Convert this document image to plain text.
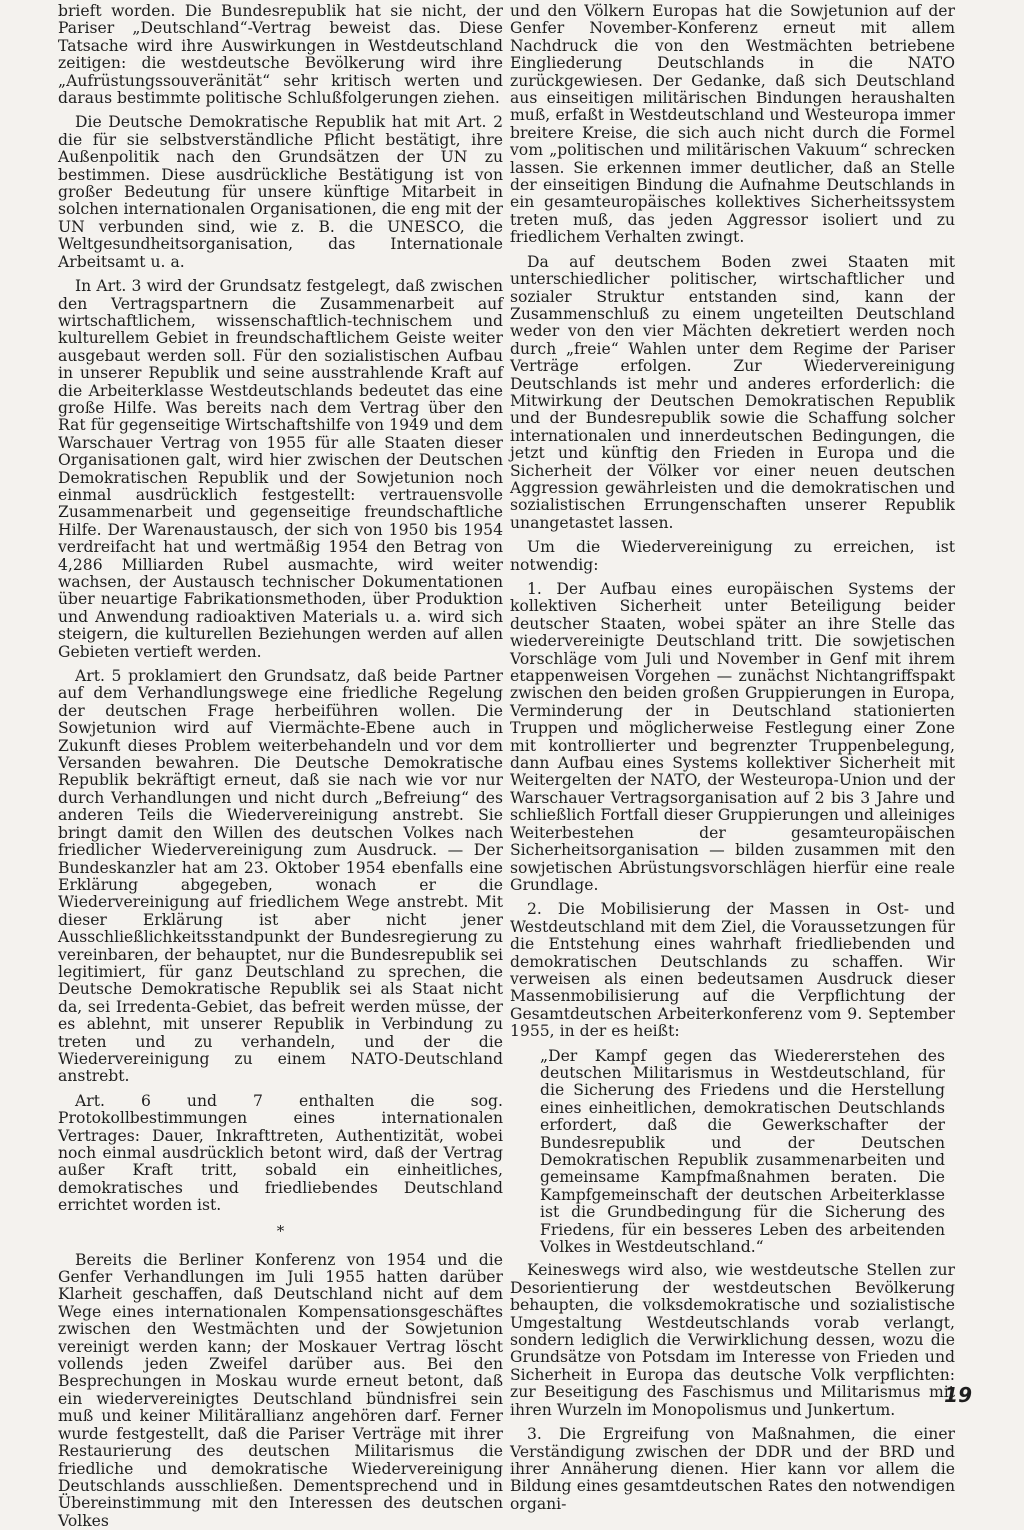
brieft worden. Die Bundesrepublik hat sie nicht, der Pariser „Deutschland“-Vertrag beweist das. Diese Tatsache wird ihre Auswirkungen in Westdeutschland zeitigen: die westdeutsche Bevölkerung wird ihre „Aufrüstungssouveränität“ sehr kritisch werten und daraus bestimmte politische Schlußfolgerungen ziehen.

Die Deutsche Demokratische Republik hat mit Art. 2 die für sie selbstverständliche Pflicht bestätigt, ihre Außenpolitik nach den Grundsätzen der UN zu bestimmen. Diese ausdrückliche Bestätigung ist von großer Bedeutung für unsere künftige Mitarbeit in solchen internationalen Organisationen, die eng mit der UN verbunden sind, wie z. B. die UNESCO, die Weltgesundheitsorganisation, das Internationale Arbeitsamt u. a.

In Art. 3 wird der Grundsatz festgelegt, daß zwischen den Vertragspartnern die Zusammenarbeit auf wirtschaftlichem, wissenschaftlich-technischem und kulturellem Gebiet in freundschaftlichem Geiste weiter ausgebaut werden soll. Für den sozialistischen Aufbau in unserer Republik und seine ausstrahlende Kraft auf die Arbeiterklasse Westdeutschlands bedeutet das eine große Hilfe. Was bereits nach dem Vertrag über den Rat für gegenseitige Wirtschaftshilfe von 1949 und dem Warschauer Vertrag von 1955 für alle Staaten dieser Organisationen galt, wird hier zwischen der Deutschen Demokratischen Republik und der Sowjetunion noch einmal ausdrücklich festgestellt: vertrauensvolle Zusammenarbeit und gegenseitige freundschaftliche Hilfe. Der Warenaustausch, der sich von 1950 bis 1954 verdreifacht hat und wertmäßig 1954 den Betrag von 4,286 Milliarden Rubel ausmachte, wird weiter wachsen, der Austausch technischer Dokumentationen über neuartige Fabrikationsmethoden, über Produktion und Anwendung radioaktiven Materials u. a. wird sich steigern, die kulturellen Beziehungen werden auf allen Gebieten vertieft werden.

Art. 5 proklamiert den Grundsatz, daß beide Partner auf dem Verhandlungswege eine friedliche Regelung der deutschen Frage herbeiführen wollen. Die Sowjetunion wird auf Viermächte-Ebene auch in Zukunft dieses Problem weiterbehandeln und vor dem Versanden bewahren. Die Deutsche Demokratische Republik bekräftigt erneut, daß sie nach wie vor nur durch Verhandlungen und nicht durch „Befreiung“ des anderen Teils die Wiedervereinigung anstrebt. Sie bringt damit den Willen des deutschen Volkes nach friedlicher Wiedervereinigung zum Ausdruck. — Der Bundeskanzler hat am 23. Oktober 1954 ebenfalls eine Erklärung abgegeben, wonach er die Wiedervereinigung auf friedlichem Wege anstrebt. Mit dieser Erklärung ist aber nicht jener Ausschließlichkeitsstandpunkt der Bundesregierung zu vereinbaren, der behauptet, nur die Bundesrepublik sei legitimiert, für ganz Deutschland zu sprechen, die Deutsche Demokratische Republik sei als Staat nicht da, sei Irredenta-Gebiet, das befreit werden müsse, der es ablehnt, mit unserer Republik in Verbindung zu treten und zu verhandeln, und der die Wiedervereinigung zu einem NATO-Deutschland anstrebt.

Art. 6 und 7 enthalten die sog. Protokollbestimmungen eines internationalen Vertrages: Dauer, Inkrafttreten, Authentizität, wobei noch einmal ausdrücklich betont wird, daß der Vertrag außer Kraft tritt, sobald ein einheitliches, demokratisches und friedliebendes Deutschland errichtet worden ist.

*

Bereits die Berliner Konferenz von 1954 und die Genfer Verhandlungen im Juli 1955 hatten darüber Klarheit geschaffen, daß Deutschland nicht auf dem Wege eines internationalen Kompensationsgeschäftes zwischen den Westmächten und der Sowjetunion vereinigt werden kann; der Moskauer Vertrag löscht vollends jeden Zweifel darüber aus. Bei den Besprechungen in Moskau wurde erneut betont, daß ein wiedervereinigtes Deutschland bündnisfrei sein muß und keiner Militärallianz angehören darf. Ferner wurde festgestellt, daß die Pariser Verträge mit ihrer Restaurierung des deutschen Militarismus die friedliche und demokratische Wiedervereinigung Deutschlands ausschließen. Dementsprechend und in Übereinstimmung mit den Interessen des deutschen Volkes

und den Völkern Europas hat die Sowjetunion auf der Genfer November-Konferenz erneut mit allem Nachdruck die von den Westmächten betriebene Eingliederung Deutschlands in die NATO zurückgewiesen. Der Gedanke, daß sich Deutschland aus einseitigen militärischen Bindungen heraushalten muß, erfaßt in Westdeutschland und Westeuropa immer breitere Kreise, die sich auch nicht durch die Formel vom „politischen und militärischen Vakuum“ schrecken lassen. Sie erkennen immer deutlicher, daß an Stelle der einseitigen Bindung die Aufnahme Deutschlands in ein gesamteuropäisches kollektives Sicherheitssystem treten muß, das jeden Aggressor isoliert und zu friedlichem Verhalten zwingt.

Da auf deutschem Boden zwei Staaten mit unterschiedlicher politischer, wirtschaftlicher und sozialer Struktur entstanden sind, kann der Zusammenschluß zu einem ungeteilten Deutschland weder von den vier Mächten dekretiert werden noch durch „freie“ Wahlen unter dem Regime der Pariser Verträge erfolgen. Zur Wiedervereinigung Deutschlands ist mehr und anderes erforderlich: die Mitwirkung der Deutschen Demokratischen Republik und der Bundesrepublik sowie die Schaffung solcher internationalen und innerdeutschen Bedingungen, die jetzt und künftig den Frieden in Europa und die Sicherheit der Völker vor einer neuen deutschen Aggression gewährleisten und die demokratischen und sozialistischen Errungenschaften unserer Republik unangetastet lassen.

Um die Wiedervereinigung zu erreichen, ist notwendig:

1. Der Aufbau eines europäischen Systems der kollektiven Sicherheit unter Beteiligung beider deutscher Staaten, wobei später an ihre Stelle das wiedervereinigte Deutschland tritt. Die sowjetischen Vorschläge vom Juli und November in Genf mit ihrem etappenweisen Vorgehen — zunächst Nichtangriffspakt zwischen den beiden großen Gruppierungen in Europa, Verminderung der in Deutschland stationierten Truppen und möglicherweise Festlegung einer Zone mit kontrollierter und begrenzter Truppenbelegung, dann Aufbau eines Systems kollektiver Sicherheit mit Weitergelten der NATO, der Westeuropa-Union und der Warschauer Vertragsorganisation auf 2 bis 3 Jahre und schließlich Fortfall dieser Gruppierungen und alleiniges Weiterbestehen der gesamteuropäischen Sicherheitsorganisation — bilden zusammen mit den sowjetischen Abrüstungsvorschlägen hierfür eine reale Grundlage.

2. Die Mobilisierung der Massen in Ost- und Westdeutschland mit dem Ziel, die Voraussetzungen für die Entstehung eines wahrhaft friedliebenden und demokratischen Deutschlands zu schaffen. Wir verweisen als einen bedeutsamen Ausdruck dieser Massenmobilisierung auf die Verpflichtung der Gesamtdeutschen Arbeiterkonferenz vom 9. September 1955, in der es heißt:

„Der Kampf gegen das Wiedererstehen des deutschen Militarismus in Westdeutschland, für die Sicherung des Friedens und die Herstellung eines einheitlichen, demokratischen Deutschlands erfordert, daß die Gewerkschafter der Bundesrepublik und der Deutschen Demokratischen Republik zusammenarbeiten und gemeinsame Kampfmaßnahmen beraten. Die Kampfgemeinschaft der deutschen Arbeiterklasse ist die Grundbedingung für die Sicherung des Friedens, für ein besseres Leben des arbeitenden Volkes in Westdeutschland.“

Keineswegs wird also, wie westdeutsche Stellen zur Desorientierung der westdeutschen Bevölkerung behaupten, die volksdemokratische und sozialistische Umgestaltung Westdeutschlands vorab verlangt, sondern lediglich die Verwirklichung dessen, wozu die Grundsätze von Potsdam im Interesse von Frieden und Sicherheit in Europa das deutsche Volk verpflichten: zur Beseitigung des Faschismus und Militarismus mit ihren Wurzeln im Monopolismus und Junkertum.

3. Die Ergreifung von Maßnahmen, die einer Verständigung zwischen der DDR und der BRD und ihrer Annäherung dienen. Hier kann vor allem die Bildung eines gesamtdeutschen Rates den notwendigen organi-

19
